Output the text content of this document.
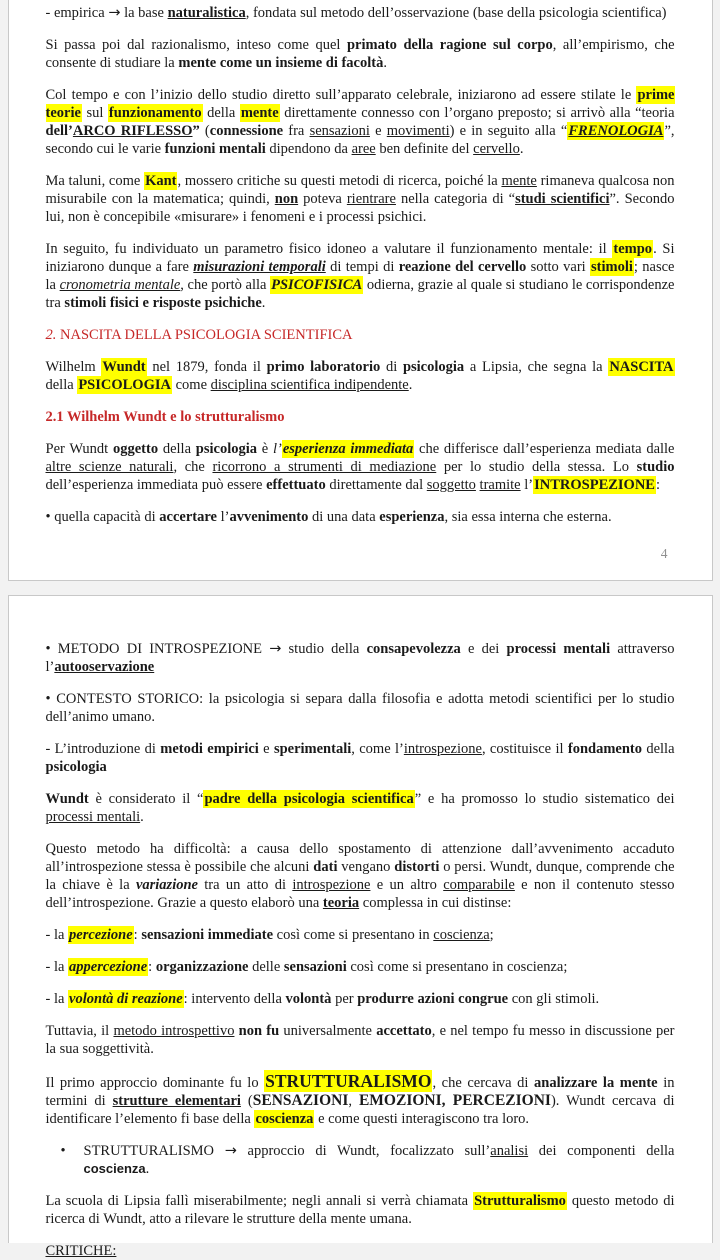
- empirica → la base naturalistica, fondata sul metodo dell’osservazione (base della psicologia scientifica)

Si passa poi dal razionalismo, inteso come quel primato della ragione sul corpo, all’empirismo, che consente di studiare la mente come un insieme di facoltà.

Col tempo e con l’inizio dello studio diretto sull’apparato celebrale, iniziarono ad essere stilate le prime teorie sul funzionamento della mente direttamente connesso con l’organo preposto; si arrivò alla “teoria dell’ARCO RIFLESSO” (connessione fra sensazioni e movimenti) e in seguito alla “FRENOLOGIA”, secondo cui le varie funzioni mentali dipendono da aree ben definite del cervello.

Ma taluni, come Kant, mossero critiche su questi metodi di ricerca, poiché la mente rimaneva qualcosa non misurabile con la matematica; quindi, non poteva rientrare nella categoria di “studi scientifici”. Secondo lui, non è concepibile «misurare» i fenomeni e i processi psichici.

In seguito, fu individuato un parametro fisico idoneo a valutare il funzionamento mentale: il tempo. Si iniziarono dunque a fare misurazioni temporali di tempi di reazione del cervello sotto vari stimoli; nasce la cronometria mentale, che portò alla PSICOFISICA odierna, grazie al quale si studiano le corrispondenze tra stimoli fisici e risposte psichiche.

2. NASCITA DELLA PSICOLOGIA SCIENTIFICA

Wilhelm Wundt nel 1879, fonda il primo laboratorio di psicologia a Lipsia, che segna la NASCITA della PSICOLOGIA come disciplina scientifica indipendente.

2.1 Wilhelm Wundt e lo strutturalismo

Per Wundt oggetto della psicologia è l’esperienza immediata che differisce dall’esperienza mediata dalle altre scienze naturali, che ricorrono a strumenti di mediazione per lo studio della stessa. Lo studio dell’esperienza immediata può essere effettuato direttamente dal soggetto tramite l’INTROSPEZIONE:

• quella capacità di accertare l’avvenimento di una data esperienza, sia essa interna che esterna.

4

• METODO DI INTROSPEZIONE → studio della consapevolezza e dei processi mentali attraverso l’autooservazione

• CONTESTO STORICO: la psicologia si separa dalla filosofia e adotta metodi scientifici per lo studio dell’animo umano.

- L’introduzione di metodi empirici e sperimentali, come l’introspezione, costituisce il fondamento della psicologia

Wundt è considerato il “padre della psicologia scientifica” e ha promosso lo studio sistematico dei processi mentali.

Questo metodo ha difficoltà: a causa dello spostamento di attenzione dall’avvenimento accaduto all’introspezione stessa è possibile che alcuni dati vengano distorti o persi. Wundt, dunque, comprende che la chiave è la variazione tra un atto di introspezione e un altro comparabile e non il contenuto stesso dell’introspezione. Grazie a questo elaborò una teoria complessa in cui distinse:

- la percezione: sensazioni immediate così come si presentano in coscienza;

- la appercezione: organizzazione delle sensazioni così come si presentano in coscienza;

- la volontà di reazione: intervento della volontà per produrre azioni congrue con gli stimoli.

Tuttavia, il metodo introspettivo non fu universalmente accettato, e nel tempo fu messo in discussione per la sua soggettività.

Il primo approccio dominante fu lo STRUTTURALISMO, che cercava di analizzare la mente in termini di strutture elementari (SENSAZIONI, EMOZIONI, PERCEZIONI). Wundt cercava di identificare l’elemento fi base della coscienza e come questi interagiscono tra loro.

• STRUTTURALISMO → approccio di Wundt, focalizzato sull’analisi dei componenti della coscienza.

La scuola di Lipsia fallì miserabilmente; negli annali si verrà chiamata Strutturalismo questo metodo di ricerca di Wundt, atto a rilevare le strutture della mente umana.

CRITICHE:
